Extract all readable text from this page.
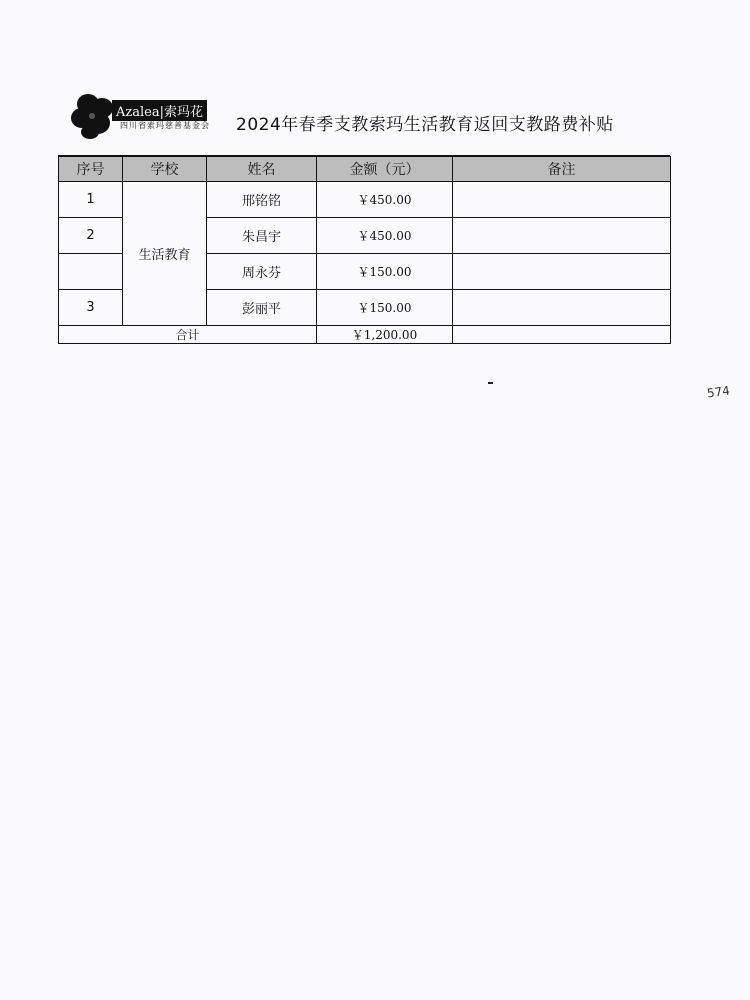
Azalea|索玛花
四川省索玛慈善基金会 2024年春季支教索玛生活教育返回支教路费补贴
序号	学校	姓名	金额（元）	备注
1	生活教育	邢铭铭	￥450.00	
2		朱昌宇	￥450.00	
		周永芬	￥150.00	
3		彭丽平	￥150.00	
合计			￥1,200.00	
574
